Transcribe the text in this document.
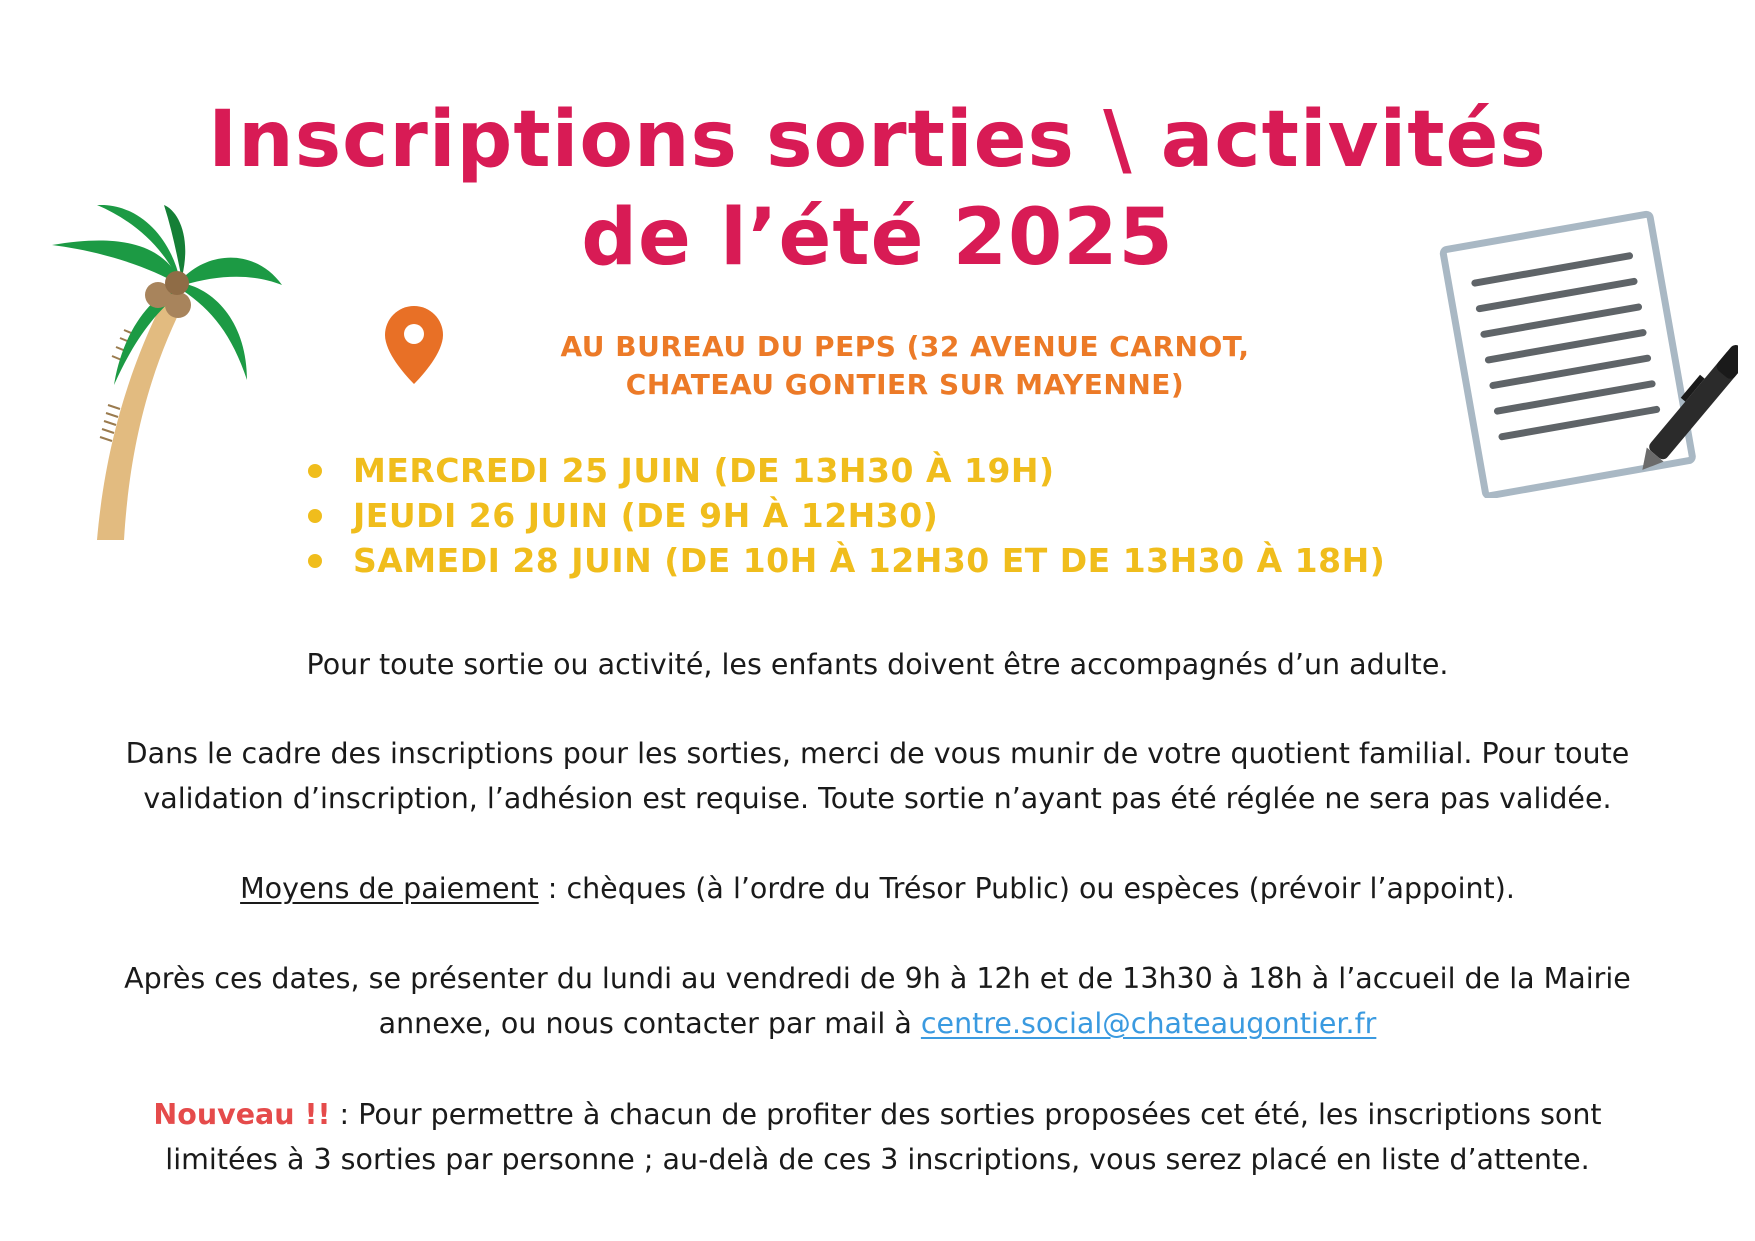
Inscriptions sorties \ activités
de l’été 2025
AU BUREAU DU PEPS (32 AVENUE CARNOT,
CHATEAU GONTIER SUR MAYENNE)
MERCREDI 25 JUIN (DE 13H30 À 19H)
JEUDI 26 JUIN (DE 9H À 12H30)
SAMEDI 28 JUIN (DE 10H À 12H30 ET DE 13H30 À 18H)
Pour toute sortie ou activité, les enfants doivent être accompagnés d’un adulte.
Dans le cadre des inscriptions pour les sorties, merci de vous munir de votre quotient familial. Pour toute
validation d’inscription, l’adhésion est requise. Toute sortie n’ayant pas été réglée ne sera pas validée.
Moyens de paiement : chèques (à l’ordre du Trésor Public) ou espèces (prévoir l’appoint).
Après ces dates, se présenter du lundi au vendredi de 9h à 12h et de 13h30 à 18h à l’accueil de la Mairie
annexe, ou nous contacter par mail à centre.social@chateaugontier.fr
Nouveau !! : Pour permettre à chacun de profiter des sorties proposées cet été, les inscriptions sont
limitées à 3 sorties par personne ; au-delà de ces 3 inscriptions, vous serez placé en liste d’attente.
